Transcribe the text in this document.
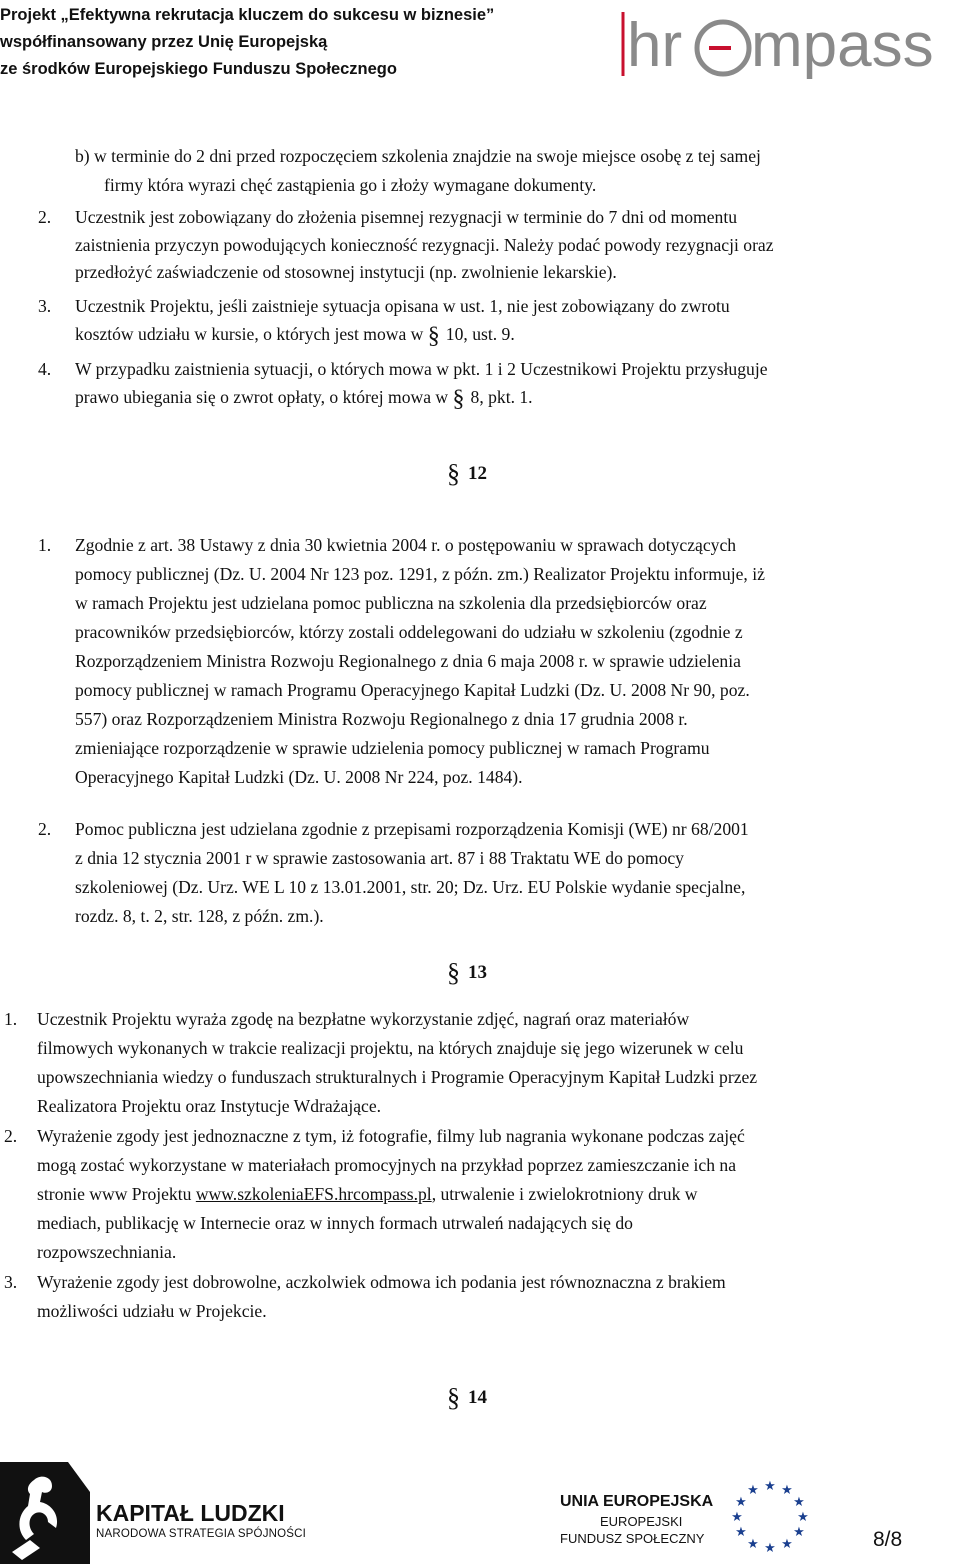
Projekt „Efektywna rekrutacja kluczem do sukcesu w biznesie”
współfinansowany przez Unię Europejską
ze środków Europejskiego Funduszu Społecznego	hr mpass
b) w terminie do 2 dni przed rozpoczęciem szkolenia znajdzie na swoje miejsce osobę z tej samej
firmy która wyrazi chęć zastąpienia go i złoży wymagane dokumenty.
2. Uczestnik jest zobowiązany do złożenia pisemnej rezygnacji w terminie do 7 dni od momentu
zaistnienia przyczyn powodujących konieczność rezygnacji. Należy podać powody rezygnacji oraz
przedłożyć zaświadczenie od stosownej instytucji (np. zwolnienie lekarskie).
3. Uczestnik Projektu, jeśli zaistnieje sytuacja opisana w ust. 1, nie jest zobowiązany do zwrotu
kosztów udziału w kursie, o których jest mowa w § 10, ust. 9.
4. W przypadku zaistnienia sytuacji, o których mowa w pkt. 1 i 2 Uczestnikowi Projektu przysługuje
prawo ubiegania się o zwrot opłaty, o której mowa w § 8, pkt. 1.
§ 12
1. Zgodnie z art. 38 Ustawy z dnia 30 kwietnia 2004 r. o postępowaniu w sprawach dotyczących
pomocy publicznej (Dz. U. 2004 Nr 123 poz. 1291, z późn. zm.) Realizator Projektu informuje, iż
w ramach Projektu jest udzielana pomoc publiczna na szkolenia dla przedsiębiorców oraz
pracowników przedsiębiorców, którzy zostali oddelegowani do udziału w szkoleniu (zgodnie z
Rozporządzeniem Ministra Rozwoju Regionalnego z dnia 6 maja 2008 r. w sprawie udzielenia
pomocy publicznej w ramach Programu Operacyjnego Kapitał Ludzki (Dz. U. 2008 Nr 90, poz.
557) oraz Rozporządzeniem Ministra Rozwoju Regionalnego z dnia 17 grudnia 2008 r.
zmieniające rozporządzenie w sprawie udzielenia pomocy publicznej w ramach Programu
Operacyjnego Kapitał Ludzki (Dz. U. 2008 Nr 224, poz. 1484).
2. Pomoc publiczna jest udzielana zgodnie z przepisami rozporządzenia Komisji (WE) nr 68/2001
z dnia 12 stycznia 2001 r w sprawie zastosowania art. 87 i 88 Traktatu WE do pomocy
szkoleniowej (Dz. Urz. WE L 10 z 13.01.2001, str. 20; Dz. Urz. EU Polskie wydanie specjalne,
rozdz. 8, t. 2, str. 128, z późn. zm.).
§ 13
1. Uczestnik Projektu wyraża zgodę na bezpłatne wykorzystanie zdjęć, nagrań oraz materiałów
filmowych wykonanych w trakcie realizacji projektu, na których znajduje się jego wizerunek w celu
upowszechniania wiedzy o funduszach strukturalnych i Programie Operacyjnym Kapitał Ludzki przez
Realizatora Projektu oraz Instytucje Wdrażające.
2. Wyrażenie zgody jest jednoznaczne z tym, iż fotografie, filmy lub nagrania wykonane podczas zajęć
mogą zostać wykorzystane w materiałach promocyjnych na przykład poprzez zamieszczanie ich na
stronie www Projektu www.szkoleniaEFS.hrcompass.pl, utrwalenie i zwielokrotniony druk w
mediach, publikację w Internecie oraz w innych formach utrwaleń nadających się do
rozpowszechniania.
3. Wyrażenie zgody jest dobrowolne, aczkolwiek odmowa ich podania jest równoznaczna z brakiem
możliwości udziału w Projekcie.
§ 14
KAPITAŁ LUDZKI
NARODOWA STRATEGIA SPÓJNOŚCI
UNIA EUROPEJSKA
EUROPEJSKI
FUNDUSZ SPOŁECZNY
★ ★
★
★
★
★
★
★
★
★
★
★
8/8
